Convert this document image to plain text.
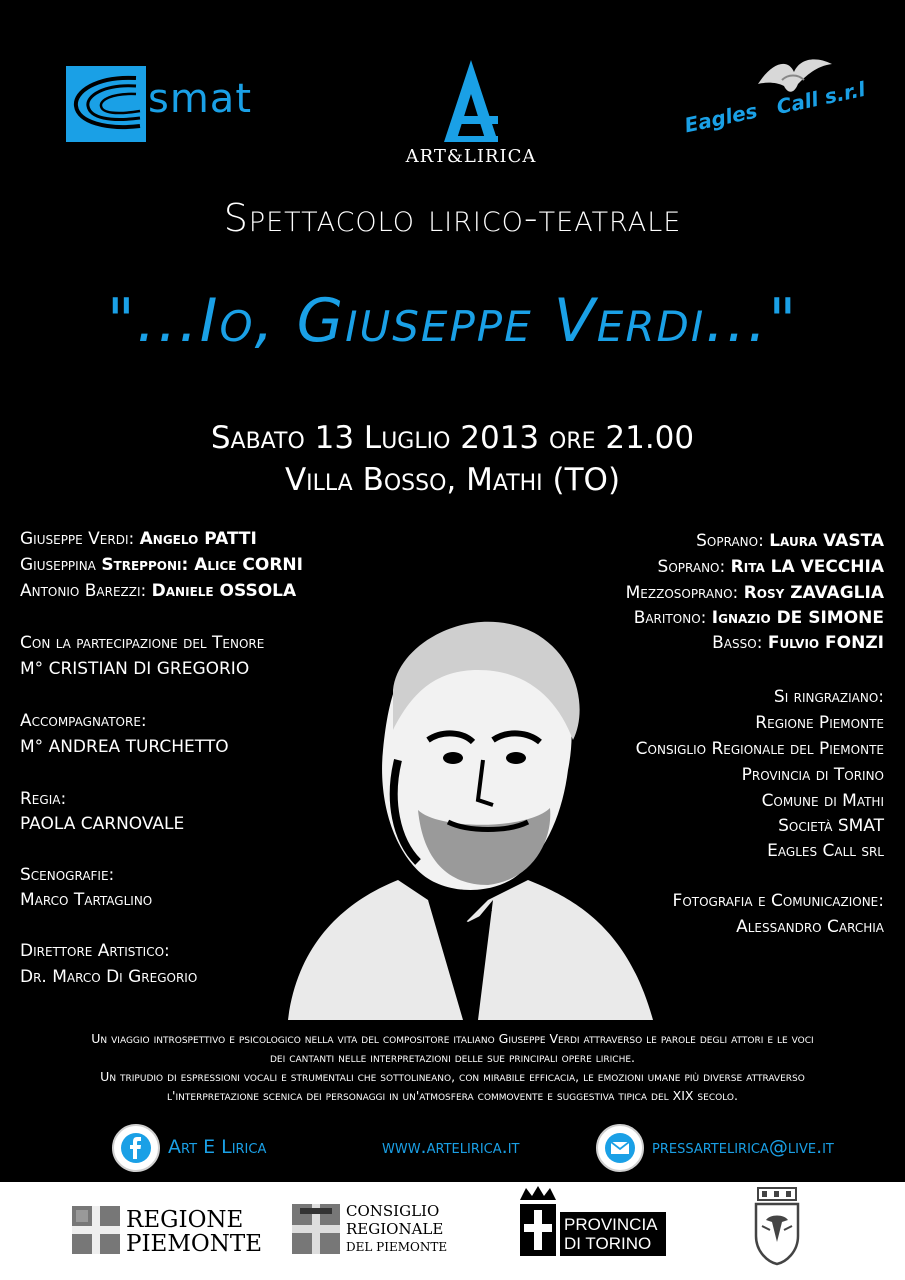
smat
ART&LIRICA
Eagles Call s.r.l
Spettacolo lirico-teatrale
"...Io, Giuseppe Verdi..."
Sabato 13 Luglio 2013 ore 21.00
Villa Bosso, Mathi (TO)
Giuseppe Verdi: Angelo PATTI
Giuseppina Strepponi: Alice CORNI
Antonio Barezzi: Daniele OSSOLA
Con la partecipazione del Tenore
M° CRISTIAN DI GREGORIO
Accompagnatore:
M° ANDREA TURCHETTO
Regia:
PAOLA CARNOVALE
Scenografie:
Marco Tartaglino
Direttore Artistico:
Dr. Marco Di Gregorio
Soprano: Laura VASTA
Soprano: Rita LA VECCHIA
Mezzosoprano: Rosy ZAVAGLIA
Baritono: Ignazio DE SIMONE
Basso: Fulvio FONZI
Si ringraziano:
Regione Piemonte
Consiglio Regionale del Piemonte
Provincia di Torino
Comune di Mathi
Società SMAT
Eagles Call srl
Fotografia e Comunicazione:
Alessandro Carchia
Un viaggio introspettivo e psicologico nella vita del compositore italiano Giuseppe Verdi attraverso le parole degli attori e le voci
dei cantanti nelle interpretazioni delle sue principali opere liriche.
Un tripudio di espressioni vocali e strumentali che sottolineano, con mirabile efficacia, le emozioni umane più diverse attraverso
l'interpretazione scenica dei personaggi in un'atmosfera commovente e suggestiva tipica del XIX secolo.
Art E Lirica	www.artelirica.it	pressartelirica@live.it
REGIONE
PIEMONTE
CONSIGLIO
REGIONALE
DEL PIEMONTE
PROVINCIA
DI TORINO
